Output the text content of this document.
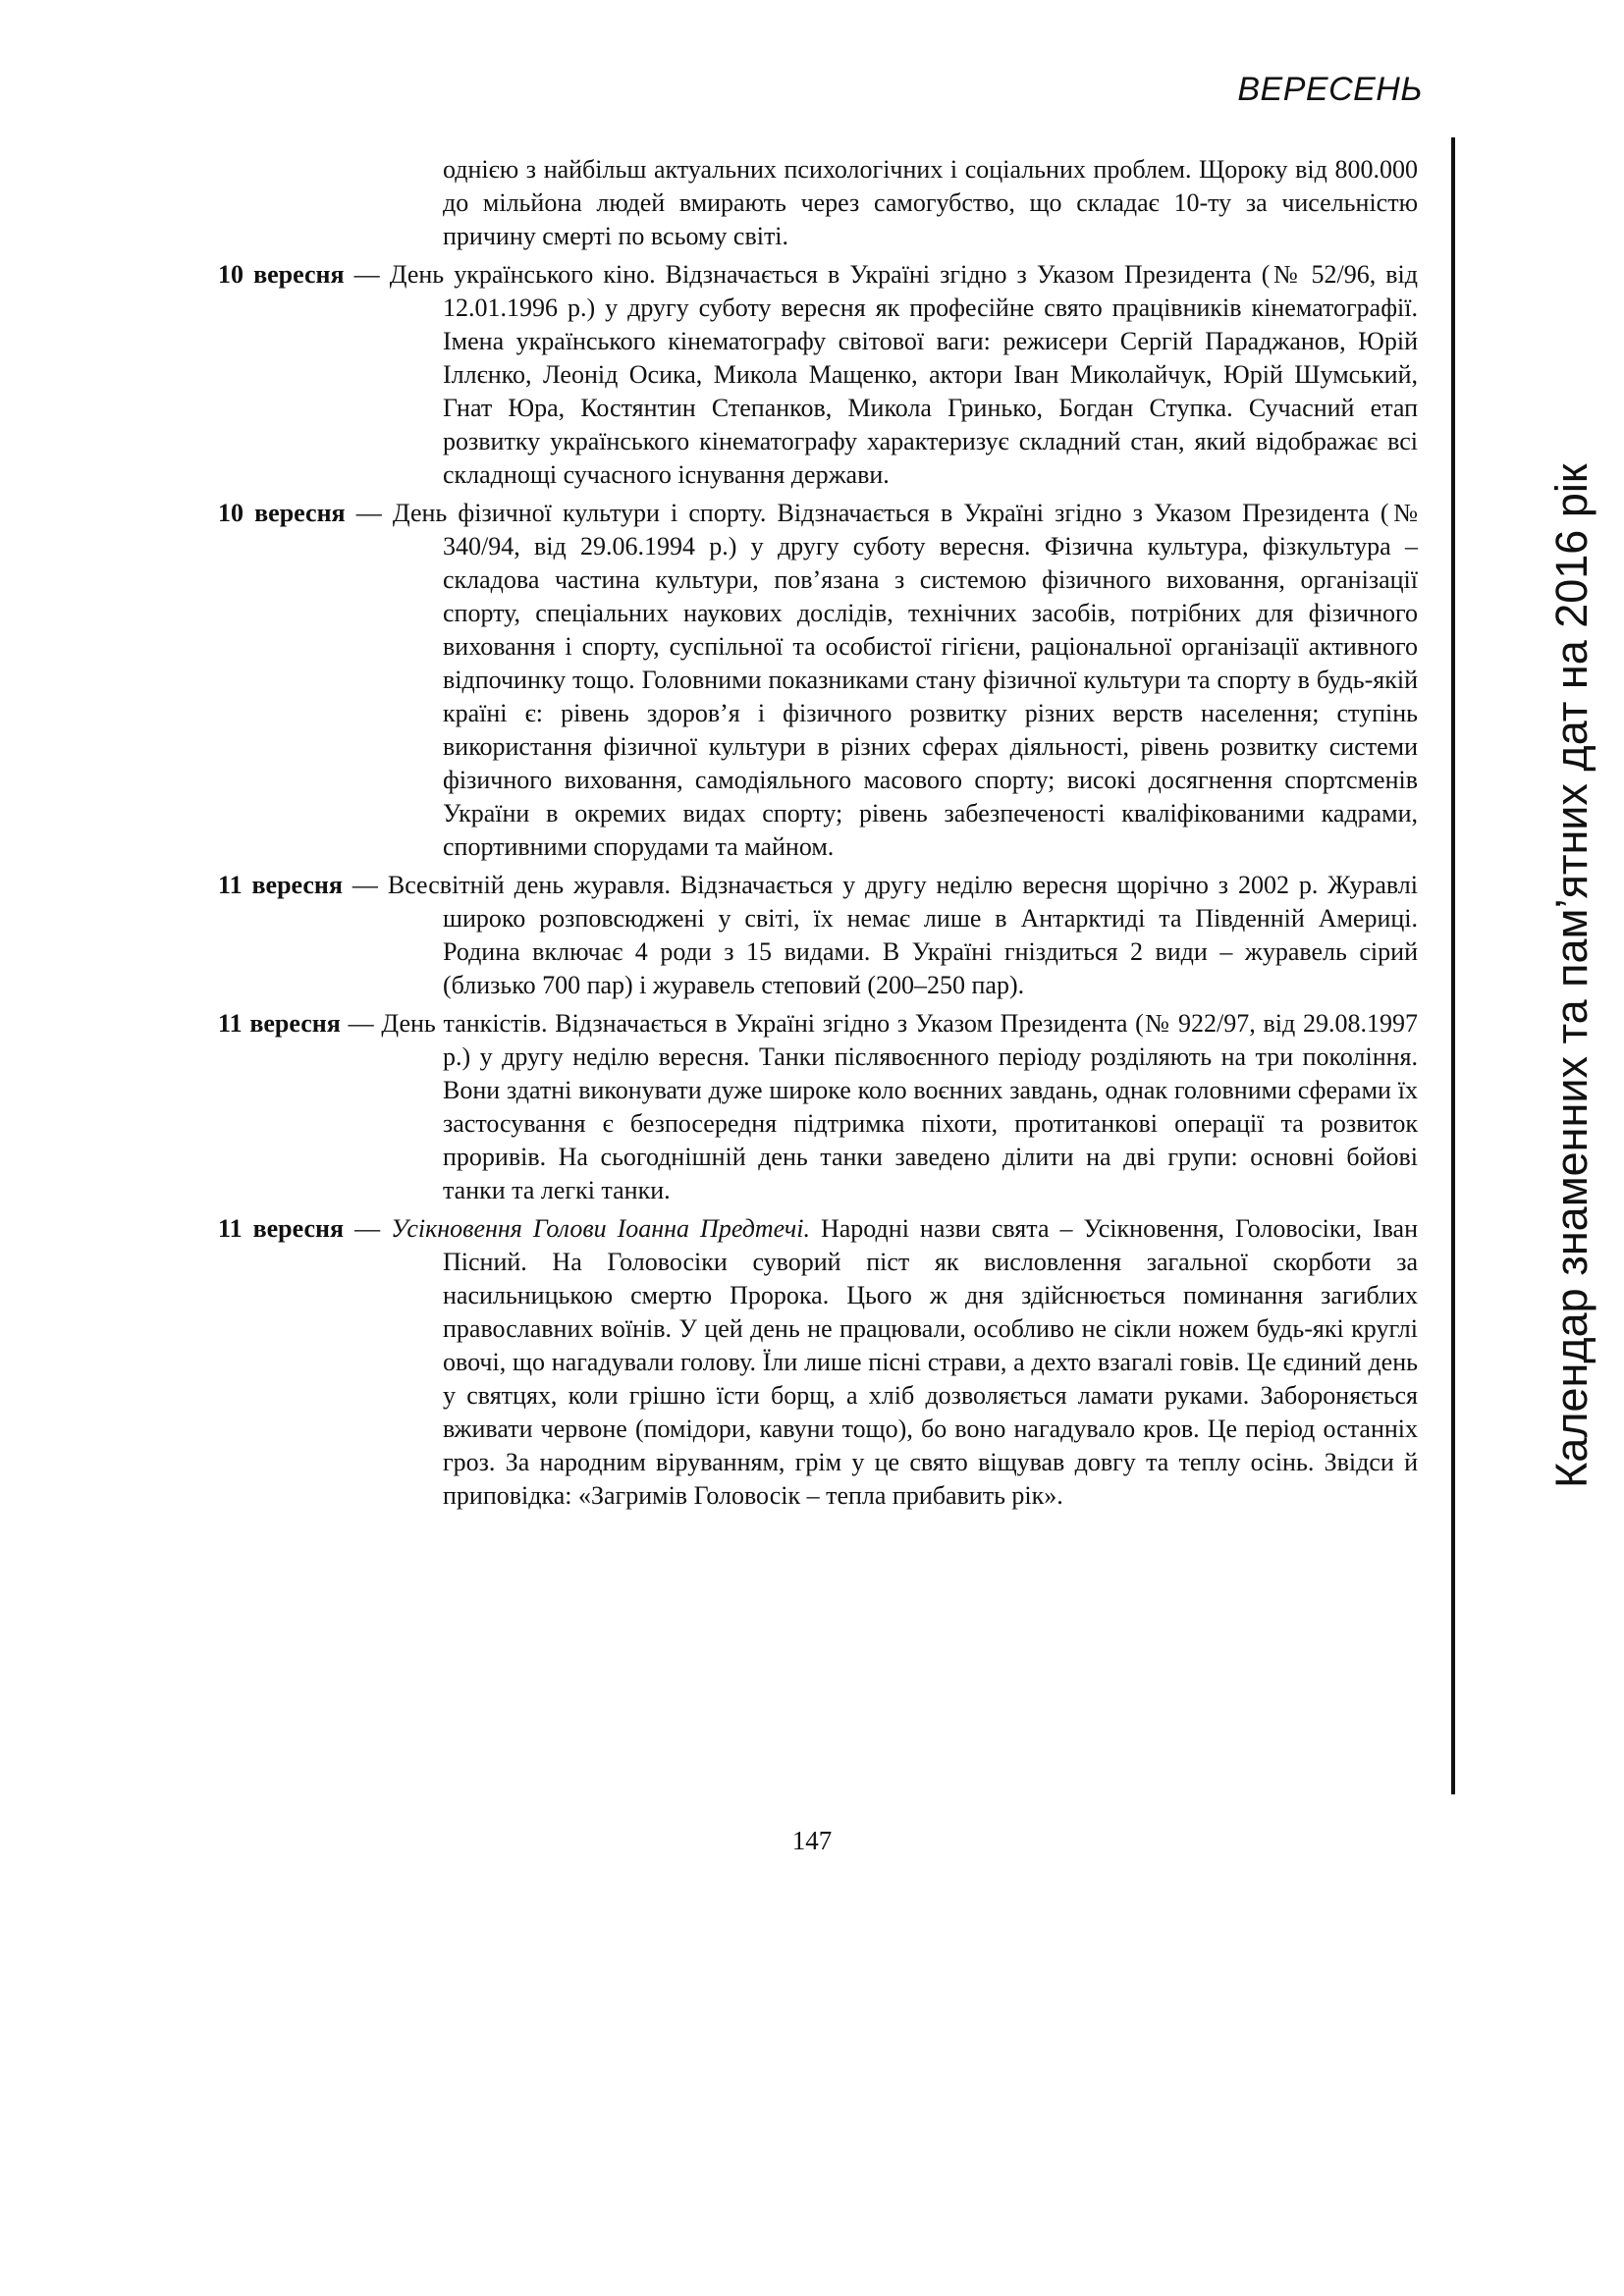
ВЕРЕСЕНЬ
Календар знаменних та пам’ятних дат на 2016 рік

однією з найбільш актуальних психологічних і соціальних проблем. Щороку від 800.000 до мільйона людей вмирають через самогубство, що складає 10-ту за чисельністю причину смерті по всьому світі.

10 вересня — День українського кіно. Відзначається в Україні згідно з Указом Президента (№ 52/96, від 12.01.1996 р.) у другу суботу вересня як професійне свято працівників кінематографії. Імена українського кінематографу світової ваги: режисери Сергій Параджанов, Юрій Іллєнко, Леонід Осика, Микола Мащенко, актори Іван Миколайчук, Юрій Шумський, Гнат Юра, Костянтин Степанков, Микола Гринько, Богдан Ступка. Сучасний етап розвитку українського кінематографу характеризує складний стан, який відображає всі складнощі сучасного існування держави.

10 вересня — День фізичної культури і спорту. Відзначається в Україні згідно з Указом Президента (№ 340/94, від 29.06.1994 р.) у другу суботу вересня. Фізична культура, фізкультура – складова частина культури, пов’язана з системою фізичного виховання, організації спорту, спеціальних наукових дослідів, технічних засобів, потрібних для фізичного виховання і спорту, суспільної та особистої гігієни, раціональної організації активного відпочинку тощо. Головними показниками стану фізичної культури та спорту в будь-якій країні є: рівень здоров’я і фізичного розвитку різних верств населення; ступінь використання фізичної культури в різних сферах діяльності, рівень розвитку системи фізичного виховання, самодіяльного масового спорту; високі досягнення спортсменів України в окремих видах спорту; рівень забезпеченості кваліфікованими кадрами, спортивними спорудами та майном.

11 вересня — Всесвітній день журавля. Відзначається у другу неділю вересня щорічно з 2002 р. Журавлі широко розповсюджені у світі, їх немає лише в Антарктиді та Південній Америці. Родина включає 4 роди з 15 видами. В Україні гніздиться 2 види – журавель сірий (близько 700 пар) і журавель степовий (200–250 пар).

11 вересня — День танкістів. Відзначається в Україні згідно з Указом Президента (№ 922/97, від 29.08.1997 р.) у другу неділю вересня. Танки післявоєнного періоду розділяють на три покоління. Вони здатні виконувати дуже широке коло воєнних завдань, однак головними сферами їх застосування є безпосередня підтримка піхоти, протитанкові операції та розвиток проривів. На сьогоднішній день танки заведено ділити на дві групи: основні бойові танки та легкі танки.

11 вересня — Усікновення Голови Іоанна Предтечі. Народні назви свята – Усікновення, Головосіки, Іван Пісний. На Головосіки суворий піст як висловлення загальної скорботи за насильницькою смертю Пророка. Цього ж дня здійснюється поминання загиблих православних воїнів. У цей день не працювали, особливо не сікли ножем будь-які круглі овочі, що нагадували голову. Їли лише пісні страви, а дехто взагалі говів. Це єдиний день у святцях, коли грішно їсти борщ, а хліб дозволяється ламати руками. Забороняється вживати червоне (помідори, кавуни тощо), бо воно нагадувало кров. Це період останніх гроз. За народним віруванням, грім у це свято віщував довгу та теплу осінь. Звідси й приповідка: «Загримів Головосік – тепла прибавить рік».

147
